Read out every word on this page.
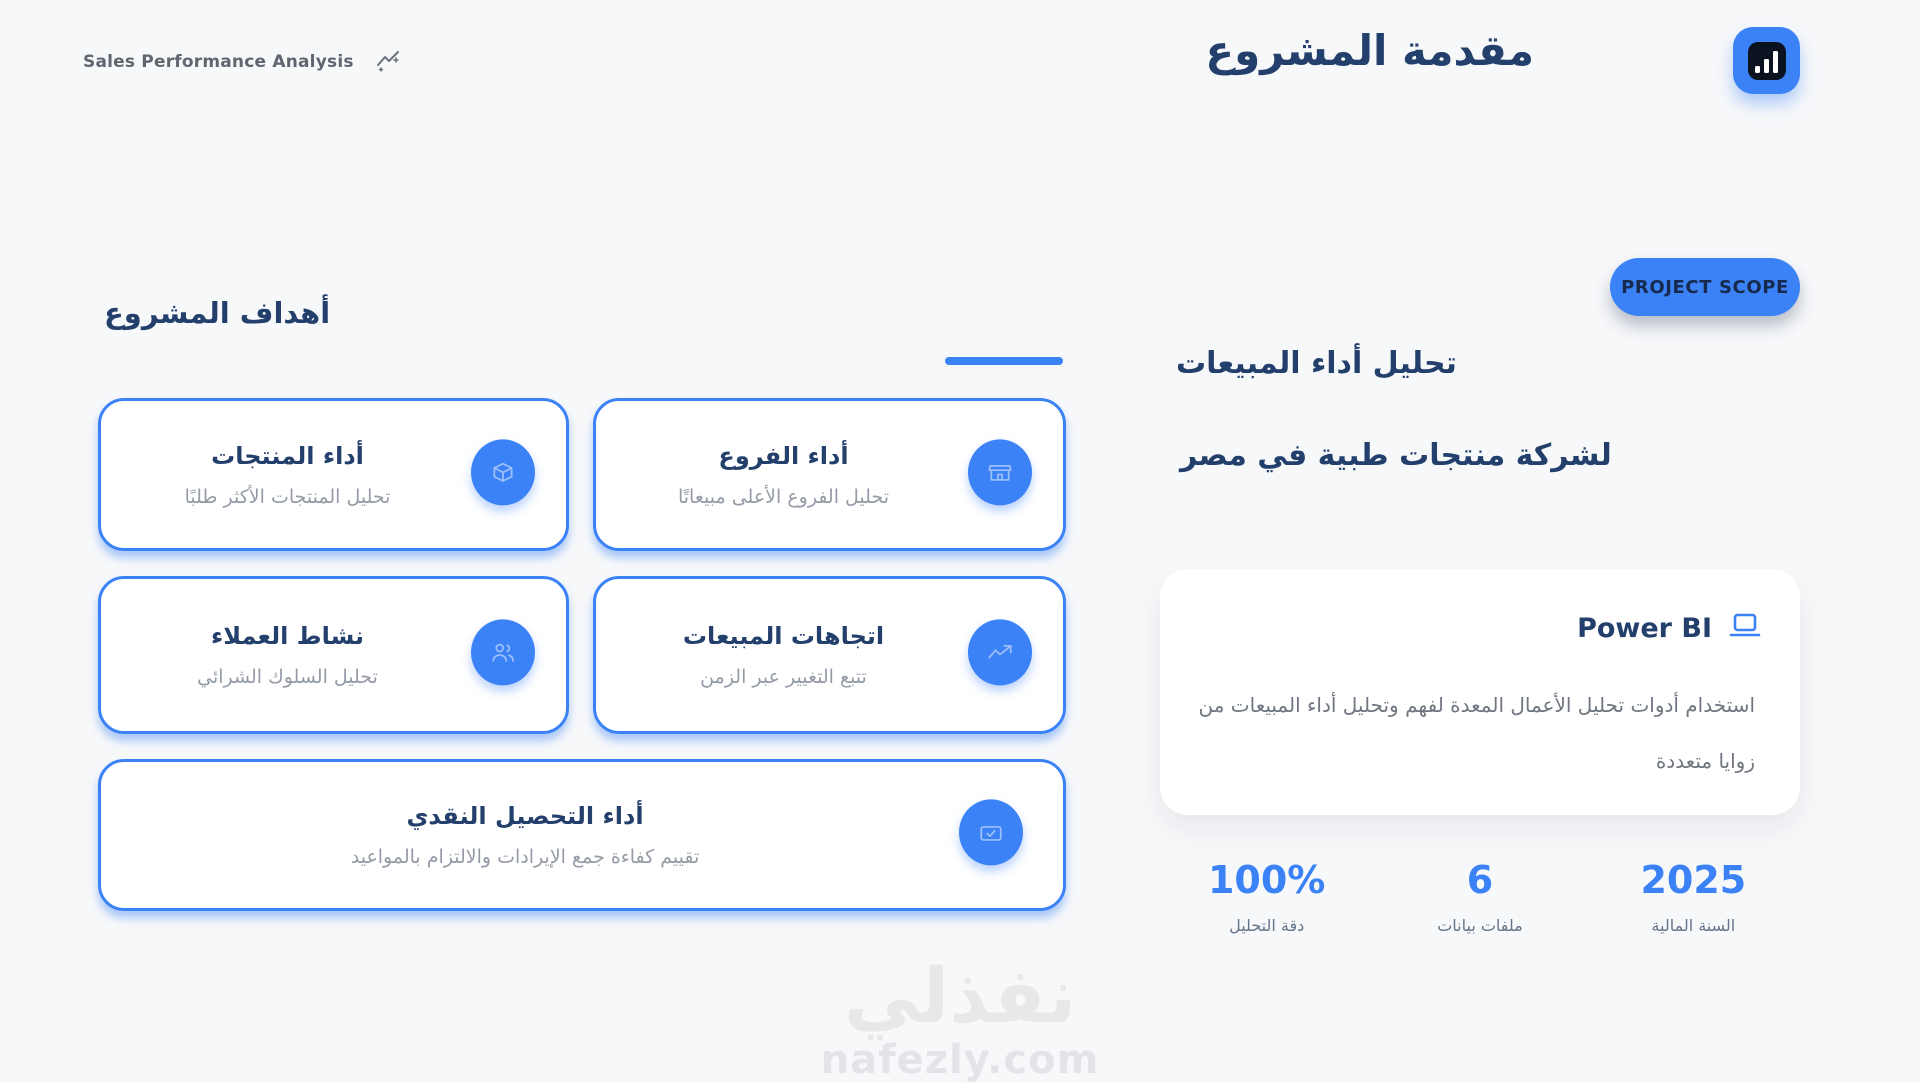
Sales Performance Analysis	مقدمة المشروع
PROJECT SCOPE
تحليل أداء المبيعات
لشركة منتجات طبية في مصر
Power BI

استخدام أدوات تحليل الأعمال المعدة لفهم وتحليل أداء المبيعات من زوايا متعددة

100%
دقة التحليل
6
ملفات بيانات
2025
السنة المالية
أهداف المشروع
أداء المنتجات
تحليل المنتجات الأكثر طلبًا
أداء الفروع
تحليل الفروع الأعلى مبيعاتًا
نشاط العملاء
تحليل السلوك الشرائي
اتجاهات المبيعات
تتبع التغيير عبر الزمن
أداء التحصيل النقدي
تقييم كفاءة جمع الإيرادات والالتزام بالمواعيد
نفذلي
nafezly.com
